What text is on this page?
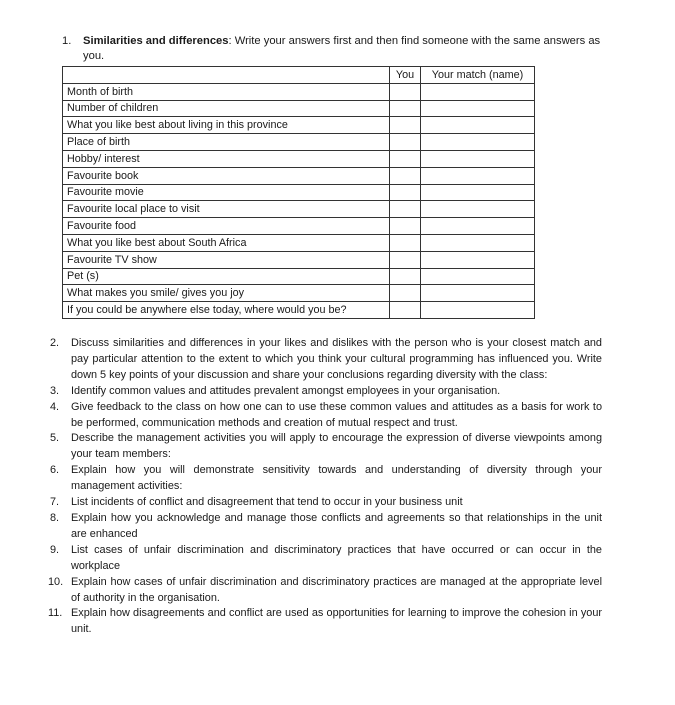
1. Similarities and differences: Write your answers first and then find someone with the same answers as you.
	You	Your match (name)
Month of birth		
Number of children		
What you like best about living in this province		
Place of birth		
Hobby/ interest		
Favourite book		
Favourite movie		
Favourite local place to visit		
Favourite food		
What you like best about South Africa		
Favourite TV show		
Pet (s)		
What makes you smile/ gives you joy		
If you could be anywhere else today, where would you be?		
2. Discuss similarities and differences in your likes and dislikes with the person who is your closest match and pay particular attention to the extent to which you think your cultural programming has influenced you. Write down 5 key points of your discussion and share your conclusions regarding diversity with the class:
3. Identify common values and attitudes prevalent amongst employees in your organisation.
4. Give feedback to the class on how one can to use these common values and attitudes as a basis for work to be performed, communication methods and creation of mutual respect and trust.
5. Describe the management activities you will apply to encourage the expression of diverse viewpoints among your team members:
6. Explain how you will demonstrate sensitivity towards and understanding of diversity through your management activities:
7. List incidents of conflict and disagreement that tend to occur in your business unit
8. Explain how you acknowledge and manage those conflicts and agreements so that relationships in the unit are enhanced
9. List cases of unfair discrimination and discriminatory practices that have occurred or can occur in the workplace
10. Explain how cases of unfair discrimination and discriminatory practices are managed at the appropriate level of authority in the organisation.
11. Explain how disagreements and conflict are used as opportunities for learning to improve the cohesion in your unit.
